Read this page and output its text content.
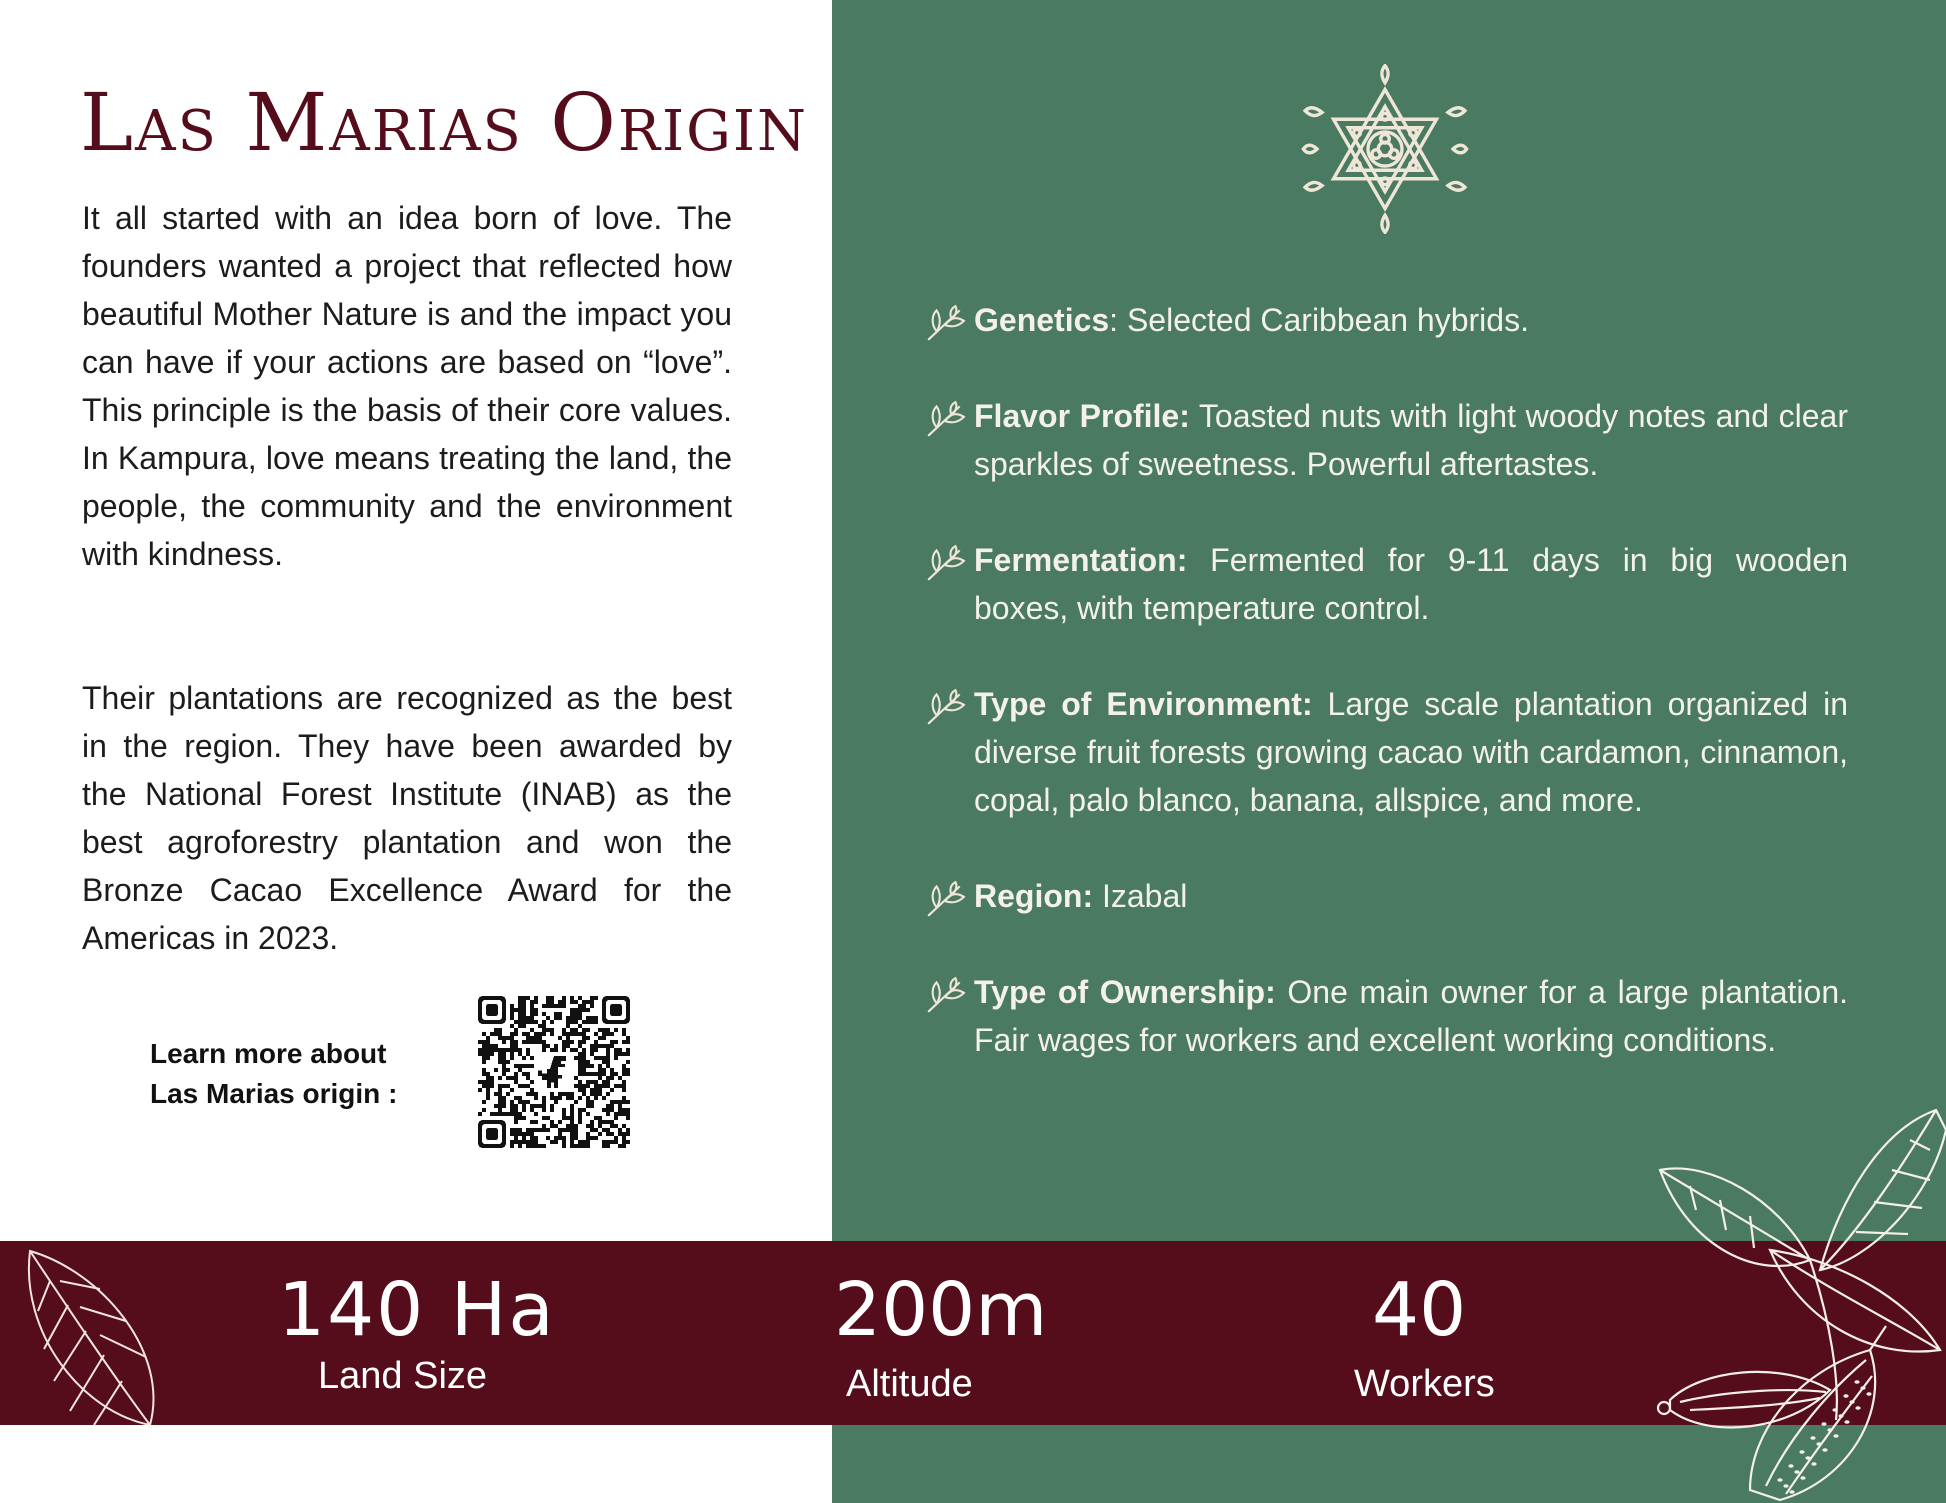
Las Marias Origin

It all started with an idea born of love. The founders wanted a project that reflected how beautiful Mother Nature is and the impact you can have if your actions are based on “love”. This principle is the basis of their core values. In Kampura, love means treating the land, the people, the community and the environment with kindness.

Their plantations are recognized as the best in the region. They have been awarded by the National Forest Institute (INAB) as the best agroforestry plantation and won the Bronze Cacao Excellence Award for the Americas in 2023.

Learn more about
Las Marias origin :
Genetics: Selected Caribbean hybrids.
Flavor Profile: Toasted nuts with light woody notes and clear sparkles of sweetness. Powerful aftertastes.
Fermentation: Fermented for 9-11 days in big wooden boxes, with temperature control.
Type of Environment: Large scale plantation organized in diverse fruit forests growing cacao with cardamon, cinnamon, copal, palo blanco, banana, allspice, and more.
Region: Izabal
Type of Ownership: One main owner for a large plantation. Fair wages for workers and excellent working conditions.
140 Ha
Land Size
200m
Altitude
40
Workers
